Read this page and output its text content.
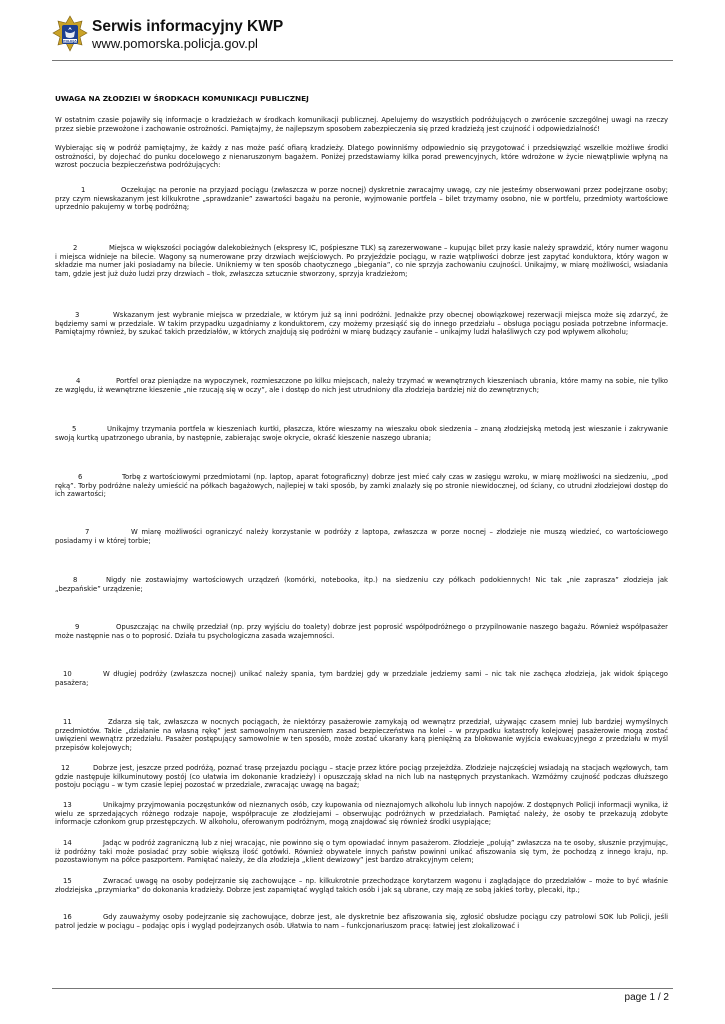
POLICJA
Serwis informacyjny KWP
www.pomorska.policja.gov.pl
UWAGA NA ZŁODZIEI W ŚRODKACH KOMUNIKACJI PUBLICZNEJ

W ostatnim czasie pojawiły się informacje o kradzieżach w środkach komunikacji publicznej. Apelujemy do wszystkich podróżujących o zwrócenie szczególnej uwagi na rzeczy przez siebie przewożone i zachowanie ostrożności. Pamiętajmy, że najlepszym sposobem zabezpieczenia się przed kradzieżą jest czujność i odpowiedzialność!

Wybierając się w podróż pamiętajmy, że każdy z nas może paść ofiarą kradzieży. Dlatego powinniśmy odpowiednio się przygotować i przedsięwziąć wszelkie możliwe środki ostrożności, by dojechać do punku docelowego z nienaruszonym bagażem. Poniżej przedstawiamy kilka porad prewencyjnych, które wdrożone w życie niewątpliwie wpłyną na wzrost poczucia bezpieczeństwa podróżujących:

1	Oczekując na peronie na przyjazd pociągu (zwłaszcza w porze nocnej) dyskretnie zwracajmy uwagę, czy nie jesteśmy obserwowani przez podejrzane osoby; przy czym niewskazanym jest kilkukrotne „sprawdzanie” zawartości bagażu na peronie, wyjmowanie portfela – bilet trzymamy osobno, nie w portfelu, przedmioty wartościowe uprzednio pakujemy w torbę podróżną;

2	Miejsca w większości pociągów dalekobieżnych (ekspresy IC, pośpieszne TLK) są zarezerwowane – kupując bilet przy kasie należy sprawdzić, który numer wagonu i miejsca widnieje na bilecie. Wagony są numerowane przy drzwiach wejściowych. Po przyjeździe pociągu, w razie wątpliwości dobrze jest zapytać konduktora, który wagon w składzie ma numer jaki posiadamy na bilecie. Unikniemy w ten sposób chaotycznego „biegania”, co nie sprzyja zachowaniu czujności. Unikajmy, w miarę możliwości, wsiadania tam, gdzie jest już dużo ludzi przy drzwiach – tłok, zwłaszcza sztucznie stworzony, sprzyja kradzieżom;

3	Wskazanym jest wybranie miejsca w przedziale, w którym już są inni podróżni. Jednakże przy obecnej obowiązkowej rezerwacji miejsca może się zdarzyć, że będziemy sami w przedziale. W takim przypadku uzgadniamy z konduktorem, czy możemy przesiąść się do innego przedziału – obsługa pociągu posiada potrzebne informacje. Pamiętajmy również, by szukać takich przedziałów, w których znajdują się podróżni w miarę budzący zaufanie – unikajmy ludzi hałaśliwych czy pod wpływem alkoholu;

4	Portfel oraz pieniądze na wypoczynek, rozmieszczone po kilku miejscach, należy trzymać w wewnętrznych kieszeniach ubrania, które mamy na sobie, nie tylko ze względu, iż wewnętrzne kieszenie „nie rzucają się w oczy”, ale i dostęp do nich jest utrudniony dla złodzieja bardziej niż do zewnętrznych;

5	Unikajmy trzymania portfela w kieszeniach kurtki, płaszcza, które wieszamy na wieszaku obok siedzenia – znaną złodziejską metodą jest wieszanie i zakrywanie swoją kurtką upatrzonego ubrania, by następnie, zabierając swoje okrycie, okraść kieszenie naszego ubrania;

6	Torbę z wartościowymi przedmiotami (np. laptop, aparat fotograficzny) dobrze jest mieć cały czas w zasięgu wzroku, w miarę możliwości na siedzeniu, „pod ręką”. Torby podróżne należy umieścić na półkach bagażowych, najlepiej w taki sposób, by zamki znalazły się po stronie niewidocznej, od ściany, co utrudni złodziejowi dostęp do ich zawartości;

7	W miarę możliwości ograniczyć należy korzystanie w podróży z laptopa, zwłaszcza w porze nocnej – złodzieje nie muszą wiedzieć, co wartościowego posiadamy i w której torbie;

8	Nigdy nie zostawiajmy wartościowych urządzeń (komórki, notebooka, itp.) na siedzeniu czy półkach podokiennych! Nic tak „nie zaprasza” złodzieja jak „bezpańskie” urządzenie;

9	Opuszczając na chwilę przedział (np. przy wyjściu do toalety) dobrze jest poprosić współpodróżnego o przypilnowanie naszego bagażu. Również współpasażer może następnie nas o to poprosić. Działa tu psychologiczna zasada wzajemności.

10	W długiej podróży (zwłaszcza nocnej) unikać należy spania, tym bardziej gdy w przedziale jedziemy sami – nic tak nie zachęca złodzieja, jak widok śpiącego pasażera;

11	Zdarza się tak, zwłaszcza w nocnych pociągach, że niektórzy pasażerowie zamykają od wewnątrz przedział, używając czasem mniej lub bardziej wymyślnych przedmiotów. Takie „działanie na własną rękę” jest samowolnym naruszeniem zasad bezpieczeństwa na kolei – w przypadku katastrofy kolejowej pasażerowie mogą zostać uwięzieni wewnątrz przedziału. Pasażer postępujący samowolnie w ten sposób, może zostać ukarany karą pieniężną za blokowanie wyjścia ewakuacyjnego z przedziału w myśl przepisów kolejowych;

12	Dobrze jest, jeszcze przed podróżą, poznać trasę przejazdu pociągu – stacje przez które pociąg przejeżdża. Złodzieje najczęściej wsiadają na stacjach węzłowych, tam gdzie następuje kilkuminutowy postój (co ułatwia im dokonanie kradzieży) i opuszczają skład na nich lub na następnych przystankach. Wzmóżmy czujność podczas dłuższego postoju pociągu – w tym czasie lepiej pozostać w przedziale, zwracając uwagę na bagaż;

13	Unikajmy przyjmowania poczęstunków od nieznanych osób, czy kupowania od nieznajomych alkoholu lub innych napojów. Z dostępnych Policji informacji wynika, iż wielu ze sprzedających różnego rodzaje napoje, współpracuje ze złodziejami – obserwując podróżnych w przedziałach. Pamiętać należy, że osoby te przekazują zdobyte informacje członkom grup przestępczych. W alkoholu, oferowanym podróżnym, mogą znajdować się również środki usypiające;

14	Jadąc w podróż zagraniczną lub z niej wracając, nie powinno się o tym opowiadać innym pasażerom. Złodzieje „polują” zwłaszcza na te osoby, słusznie przyjmując, iż podróżny taki może posiadać przy sobie większą ilość gotówki. Również obywatele innych państw powinni unikać afiszowania się tym, że pochodzą z innego kraju, np. pozostawionym na półce paszportem. Pamiętać należy, że dla złodzieja „klient dewizowy” jest bardzo atrakcyjnym celem;

15	Zwracać uwagę na osoby podejrzanie się zachowujące – np. kilkukrotnie przechodzące korytarzem wagonu i zaglądające do przedziałów – może to być właśnie złodziejska „przymiarka” do dokonania kradzieży. Dobrze jest zapamiętać wygląd takich osób i jak są ubrane, czy mają ze sobą jakieś torby, plecaki, itp.;

16	Gdy zauważymy osoby podejrzanie się zachowujące, dobrze jest, ale dyskretnie bez afiszowania się, zgłosić obsłudze pociągu czy patrolowi SOK lub Policji, jeśli patrol jedzie w pociągu – podając opis i wygląd podejrzanych osób. Ułatwia to nam – funkcjonariuszom pracę: łatwiej jest zlokalizować i

page 1 / 2
